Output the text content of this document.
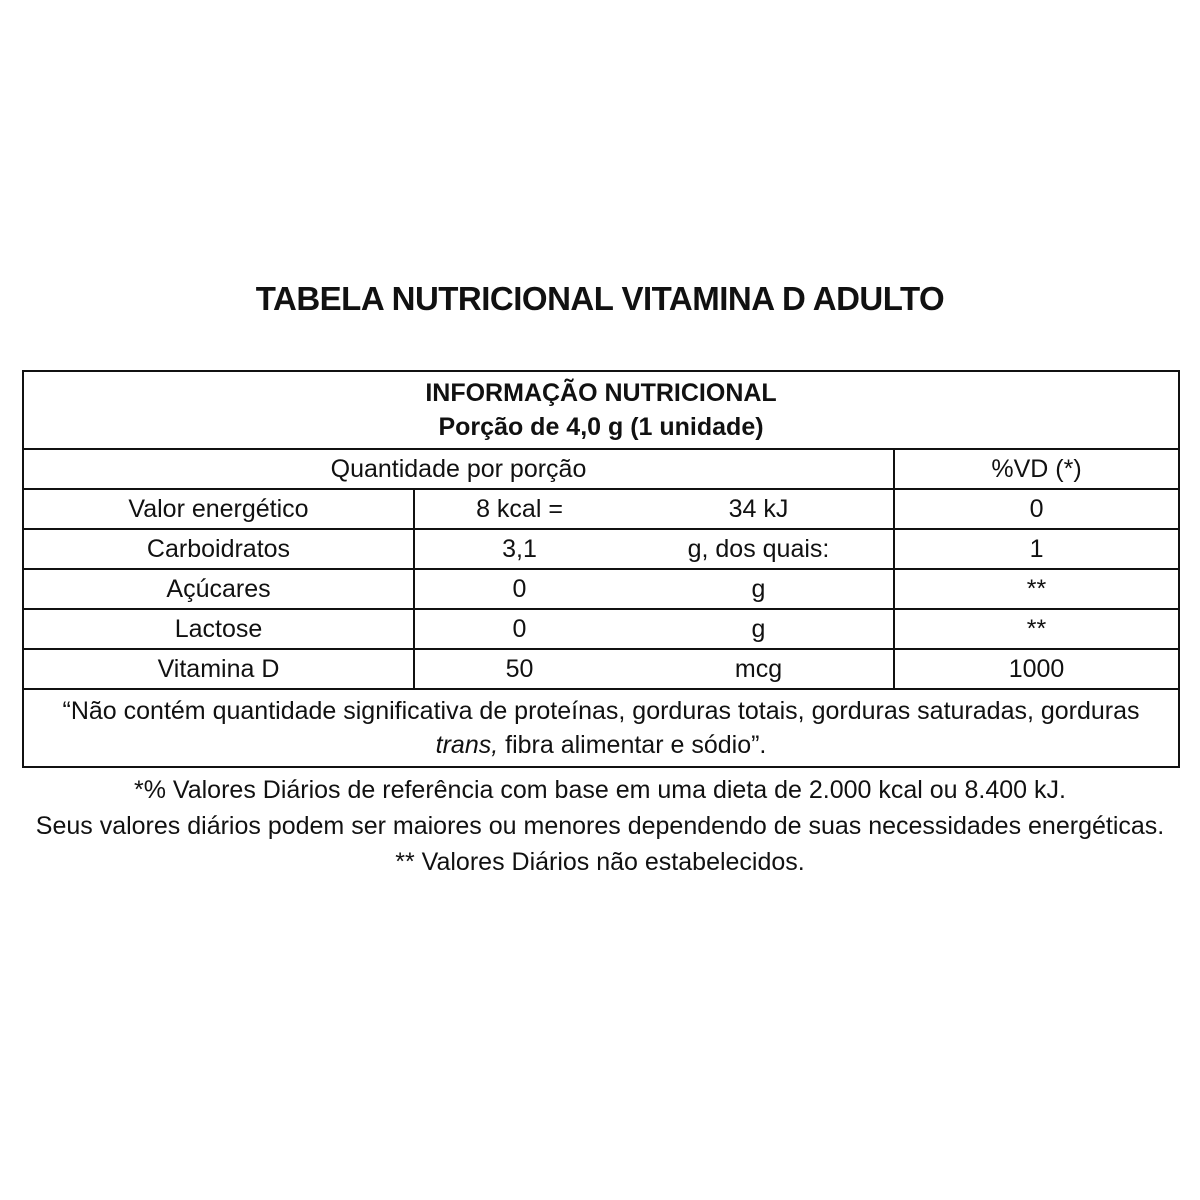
TABELA NUTRICIONAL VITAMINA D ADULTO
INFORMAÇÃO NUTRICIONAL
Porção de 4,0 g (1 unidade)			

Quantidade por porção			%VD (*)
Valor energético	8 kcal =	34 kJ	0
Carboidratos	3,1	g, dos quais:	1
Açúcares	0	g	**
Lactose	0	g	**
Vitamina D	50	mcg	1000
“Não contém quantidade significativa de proteínas, gorduras totais, gorduras saturadas, gorduras trans, fibra alimentar e sódio”.			
*% Valores Diários de referência com base em uma dieta de 2.000 kcal ou 8.400 kJ.
Seus valores diários podem ser maiores ou menores dependendo de suas necessidades energéticas.
** Valores Diários não estabelecidos.
